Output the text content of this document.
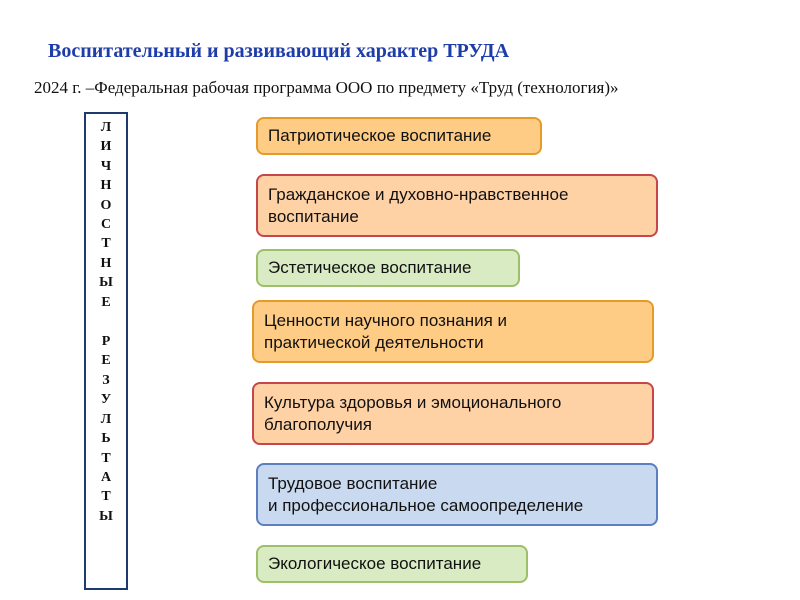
Воспитательный и развивающий характер ТРУДА
2024 г. –Федеральная рабочая программа ООО по предмету «Труд (технология)»
Л
И
Ч
Н
О
С
Т
Н
Ы
Е
Р
Е
З
У
Л
Ь
Т
А
Т
Ы
Патриотическое воспитание
Гражданское и духовно-нравственное
воспитание
Эстетическое воспитание
Ценности научного познания и
практической деятельности
Культура здоровья и эмоционального
благополучия
Трудовое воспитание
и профессиональное самоопределение
Экологическое воспитание
